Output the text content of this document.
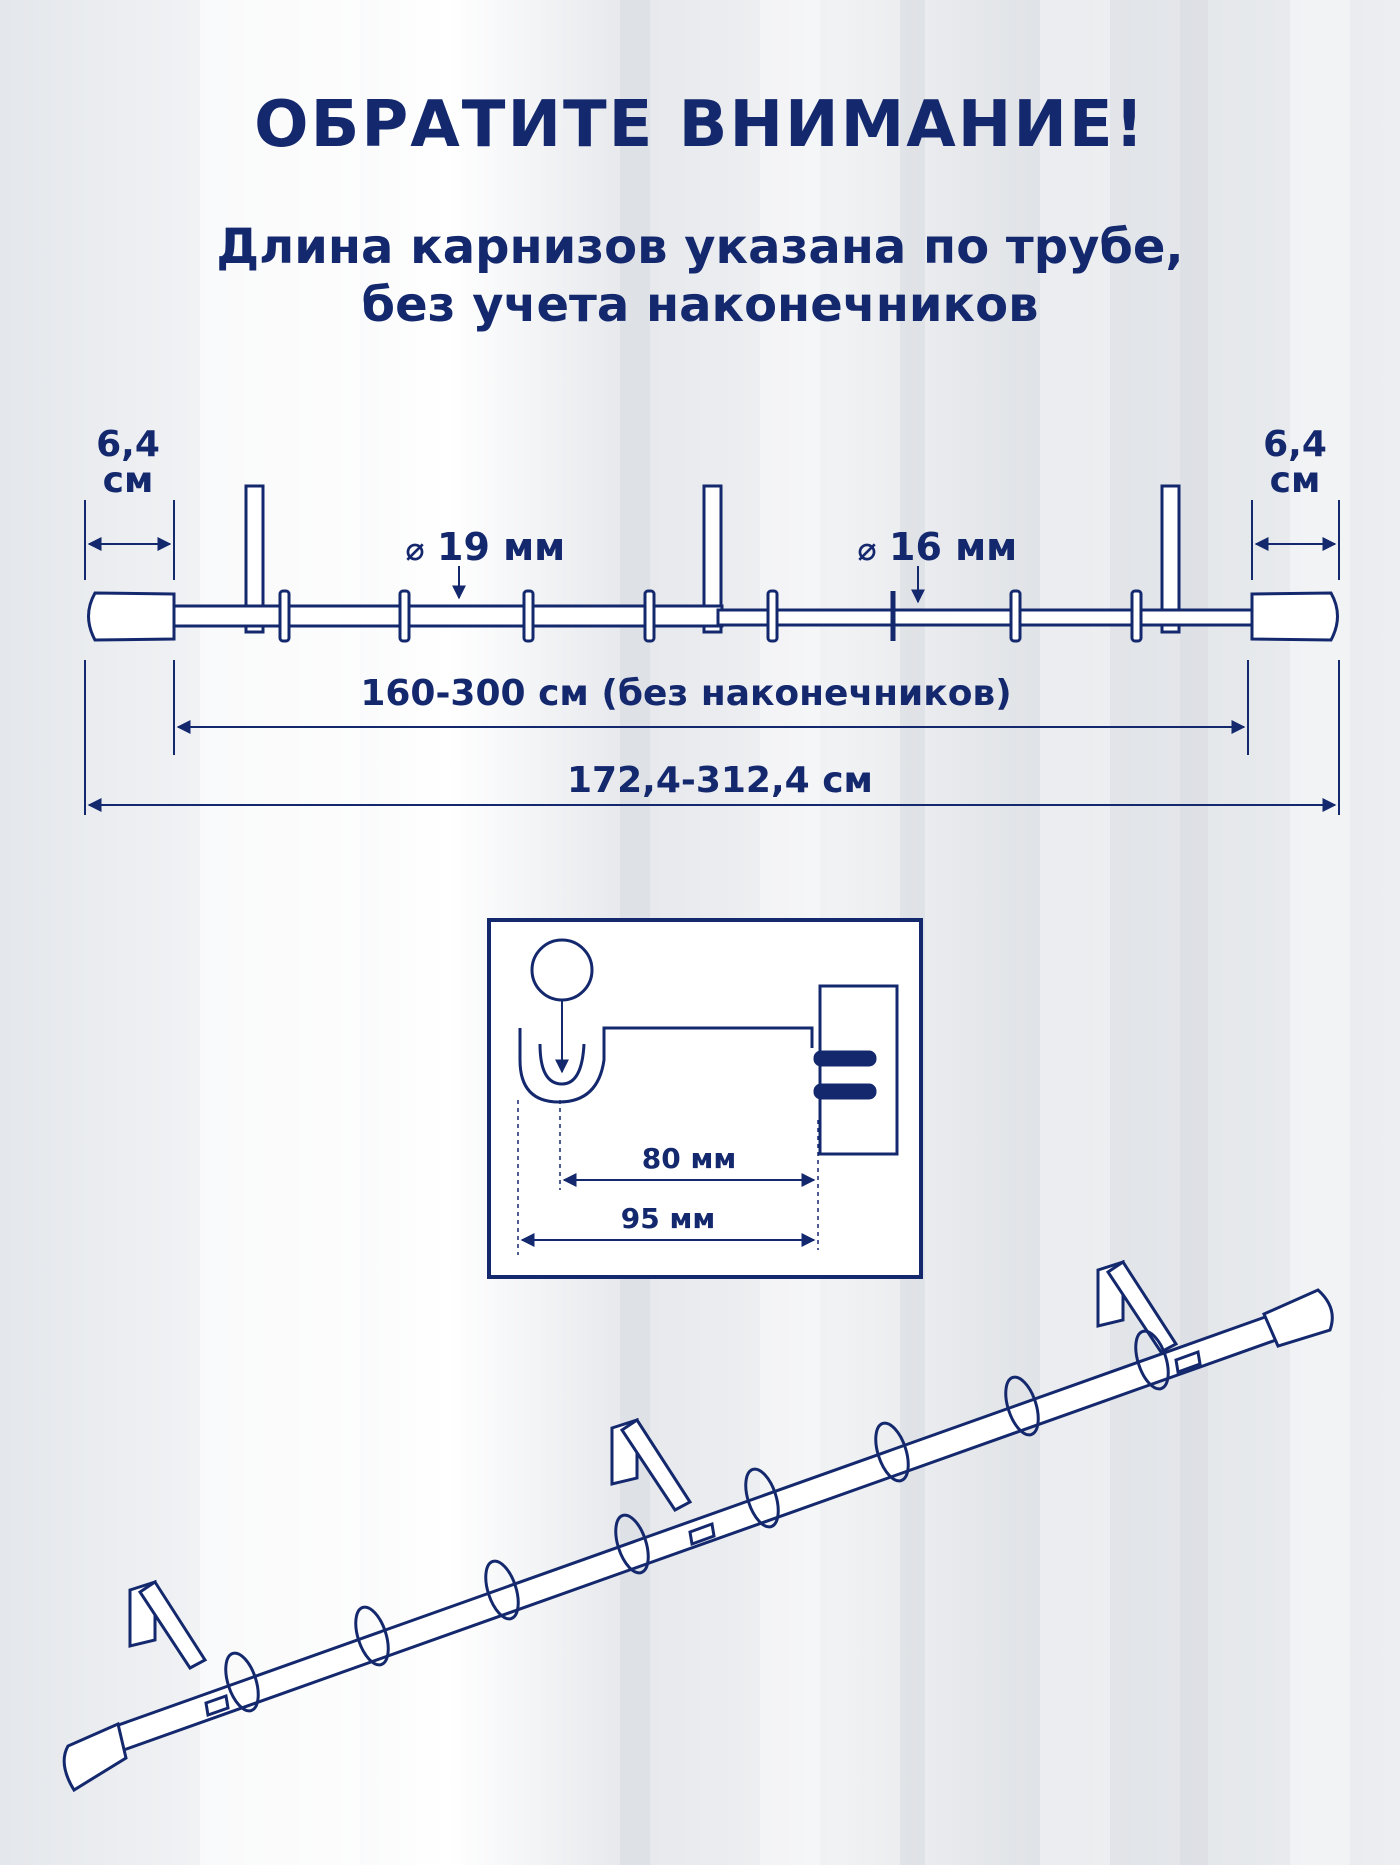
ОБРАТИТЕ ВНИМАНИЕ!
Длина карнизов указана по трубе,
без учета наконечников
6,4
см
6,4
см
⌀ 19 мм	⌀ 16 мм
160-300 см (без наконечников)
172,4-312,4 см
80 мм
95 мм
